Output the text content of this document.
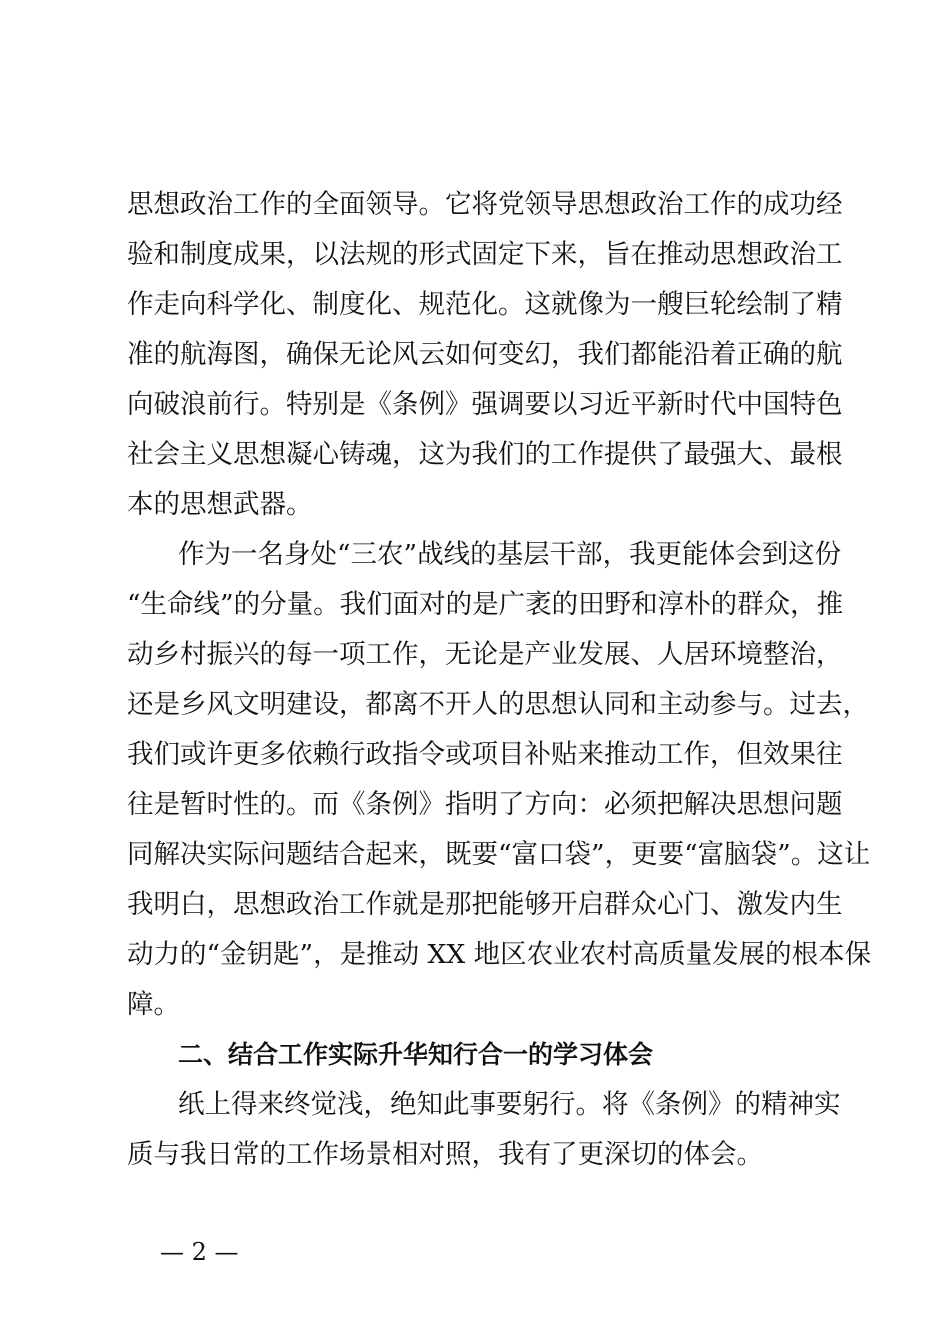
思想政治工作的全面领导。它将党领导思想政治工作的成功经
验和制度成果，以法规的形式固定下来，旨在推动思想政治工
作走向科学化、制度化、规范化。这就像为一艘巨轮绘制了精
准的航海图，确保无论风云如何变幻，我们都能沿着正确的航
向破浪前行。特别是《条例》强调要以习近平新时代中国特色
社会主义思想凝心铸魂，这为我们的工作提供了最强大、最根
本的思想武器。
作为一名身处“三农”战线的基层干部，我更能体会到这份
“生命线”的分量。我们面对的是广袤的田野和淳朴的群众，推
动乡村振兴的每一项工作，无论是产业发展、人居环境整治，
还是乡风文明建设，都离不开人的思想认同和主动参与。过去，
我们或许更多依赖行政指令或项目补贴来推动工作，但效果往
往是暂时性的。而《条例》指明了方向：必须把解决思想问题
同解决实际问题结合起来，既要“富口袋”，更要“富脑袋”。这让
我明白，思想政治工作就是那把能够开启群众心门、激发内生
动力的“金钥匙”，是推动 XX 地区农业农村高质量发展的根本保
障。
二、结合工作实际升华知行合一的学习体会
纸上得来终觉浅，绝知此事要躬行。将《条例》的精神实
质与我日常的工作场景相对照，我有了更深切的体会。
— 2 —
